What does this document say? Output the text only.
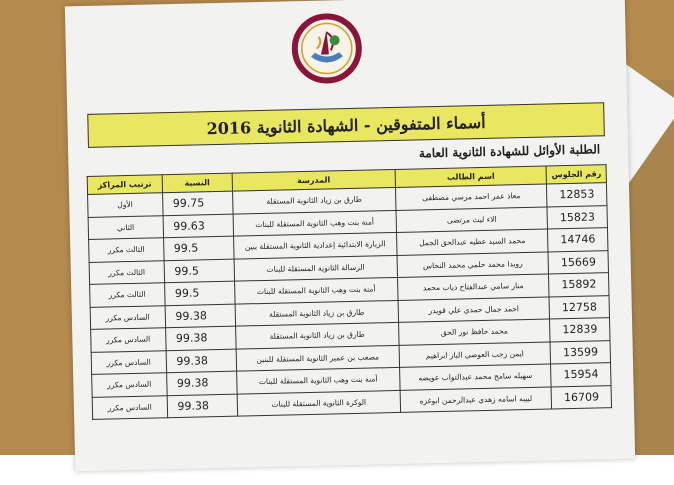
أسماء المتفوقين - الشهادة الثانوية 2016
الطلبة الأوائل للشهادة الثانوية العامة
رقم الجلوس	اسم الطالب	المدرسة	النسبة	ترتيب المراكز
12853	معاذ عمر احمد مرسي مصطفى	طارق بن زياد الثانوية المستقلة	99.75	الأول
15823	الاء ليث مرتضى	أمنة بنت وهب الثانوية المستقلة للبنات	99.63	الثاني
14746	محمد السيد عطيه عبدالحق الجمل	الزبارة الابتدائية إعدادية الثانوية المستقلة بنين	99.5	الثالث مكرر
15669	رويدا محمد حلمي محمد النحاس	الرسالة الثانوية المستقلة للبنات	99.5	الثالث مكرر
15892	منار سامي عبدالفتاح دياب محمد	أمنة بنت وهب الثانوية المستقلة للبنات	99.5	الثالث مكرر
12758	احمد جمال حمدي علي قويدر	طارق بن زياد الثانوية المستقلة	99.38	السادس مكرر
12839	محمد حافظ نور الحق	طارق بن زياد الثانوية المستقلة	99.38	السادس مكرر
13599	ايمن رجب العوضي الباز ابراهيم	مصعب بن عمير الثانوية المستقلة للبنين	99.38	السادس مكرر
15954	سهيله سامح محمد عبدالتواب عويضه	أمنة بنت وهب الثانوية المستقلة للبنات	99.38	السادس مكرر
16709	لبيبه اسامه زهدي عبدالرحمن ابوغزه	الوكرة الثانوية المستقلة للبنات	99.38	السادس مكرر
